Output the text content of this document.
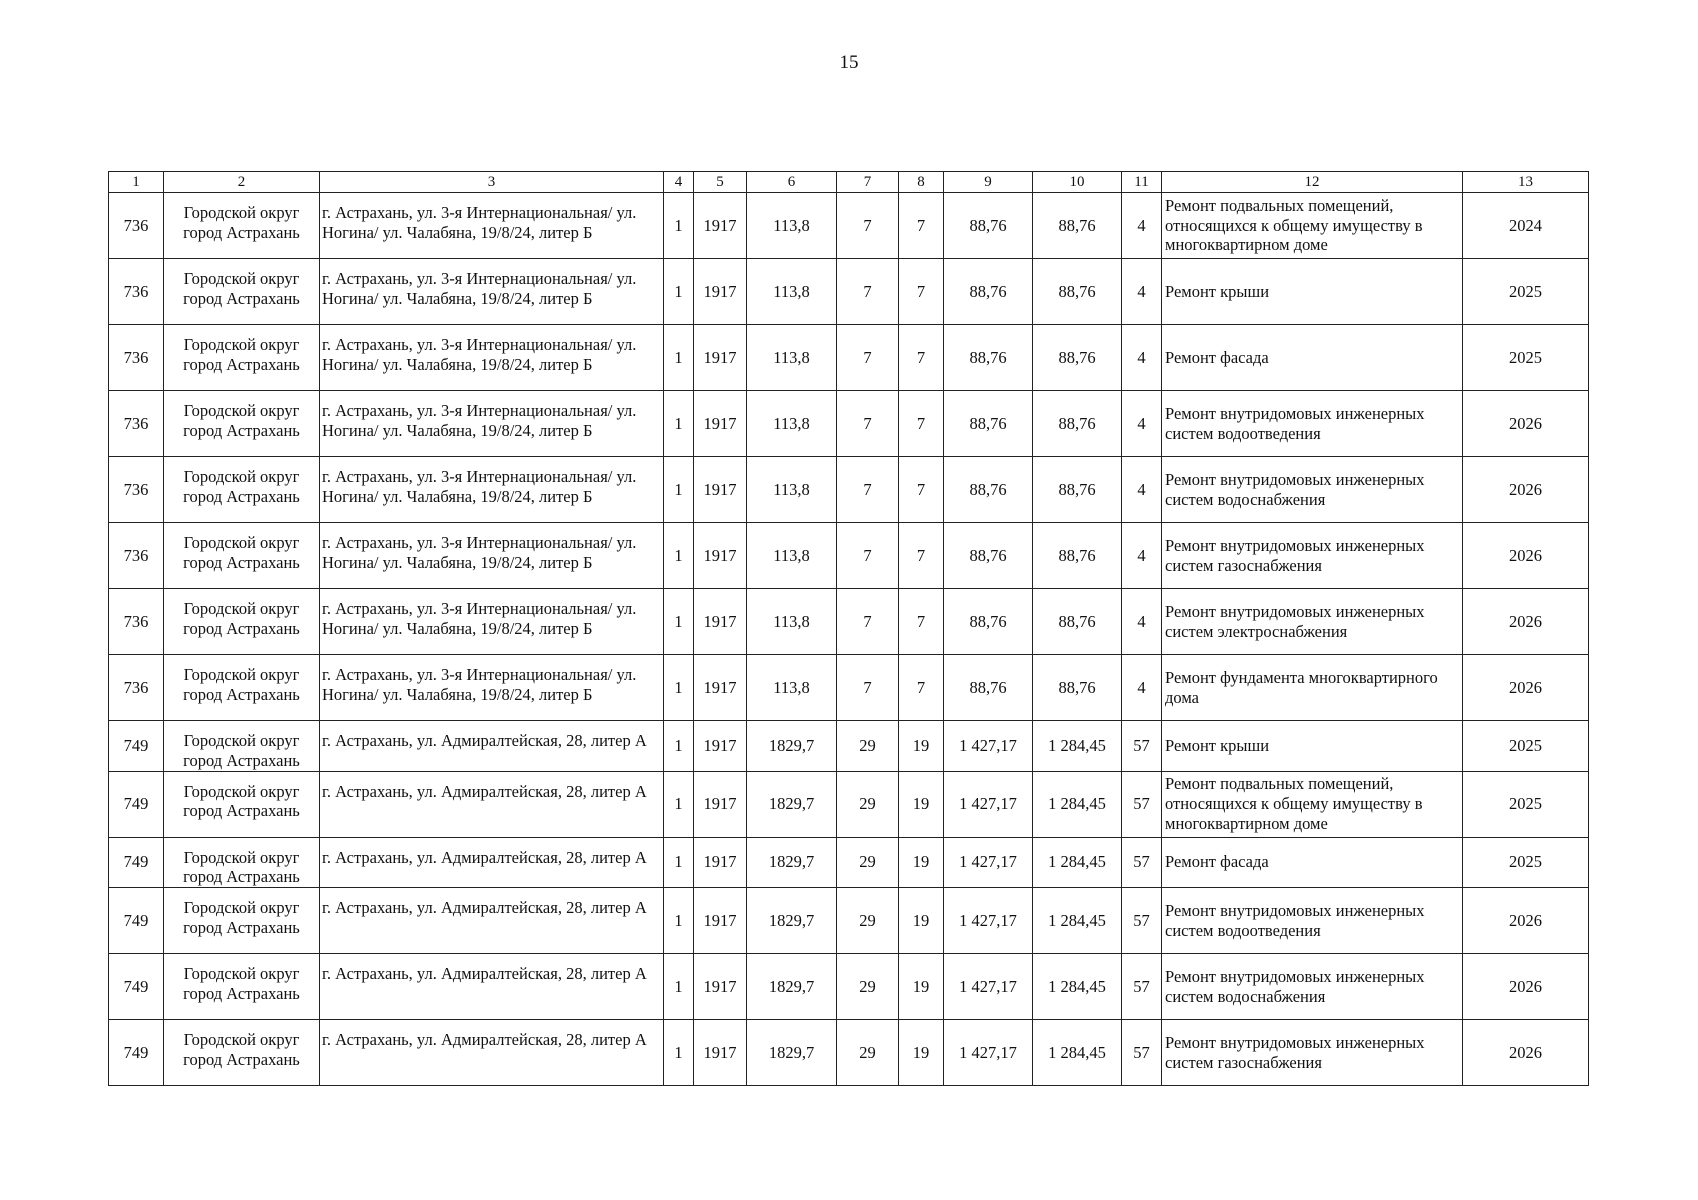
15
1	2	3	4	5	6	7	8	9	10	11	12	13
736	Городской округ город Астрахань	г. Астрахань, ул. 3-я Интернациональная/ ул. Ногина/ ул. Чалабяна, 19/8/24, литер Б	1	1917	113,8	7	7	88,76	88,76	4	Ремонт подвальных помещений, относящихся к общему имуществу в многоквартирном доме	2024
736	Городской округ город Астрахань	г. Астрахань, ул. 3-я Интернациональная/ ул. Ногина/ ул. Чалабяна, 19/8/24, литер Б	1	1917	113,8	7	7	88,76	88,76	4	Ремонт крыши	2025
736	Городской округ город Астрахань	г. Астрахань, ул. 3-я Интернациональная/ ул. Ногина/ ул. Чалабяна, 19/8/24, литер Б	1	1917	113,8	7	7	88,76	88,76	4	Ремонт фасада	2025
736	Городской округ город Астрахань	г. Астрахань, ул. 3-я Интернациональная/ ул. Ногина/ ул. Чалабяна, 19/8/24, литер Б	1	1917	113,8	7	7	88,76	88,76	4	Ремонт внутридомовых инженерных систем водоотведения	2026
736	Городской округ город Астрахань	г. Астрахань, ул. 3-я Интернациональная/ ул. Ногина/ ул. Чалабяна, 19/8/24, литер Б	1	1917	113,8	7	7	88,76	88,76	4	Ремонт внутридомовых инженерных систем водоснабжения	2026
736	Городской округ город Астрахань	г. Астрахань, ул. 3-я Интернациональная/ ул. Ногина/ ул. Чалабяна, 19/8/24, литер Б	1	1917	113,8	7	7	88,76	88,76	4	Ремонт внутридомовых инженерных систем газоснабжения	2026
736	Городской округ город Астрахань	г. Астрахань, ул. 3-я Интернациональная/ ул. Ногина/ ул. Чалабяна, 19/8/24, литер Б	1	1917	113,8	7	7	88,76	88,76	4	Ремонт внутридомовых инженерных систем электроснабжения	2026
736	Городской округ город Астрахань	г. Астрахань, ул. 3-я Интернациональная/ ул. Ногина/ ул. Чалабяна, 19/8/24, литер Б	1	1917	113,8	7	7	88,76	88,76	4	Ремонт фундамента многоквартирного дома	2026
749	Городской округ город Астрахань	г. Астрахань, ул. Адмиралтейская, 28, литер А	1	1917	1829,7	29	19	1 427,17	1 284,45	57	Ремонт крыши	2025
749	Городской округ город Астрахань	г. Астрахань, ул. Адмиралтейская, 28, литер А	1	1917	1829,7	29	19	1 427,17	1 284,45	57	Ремонт подвальных помещений, относящихся к общему имуществу в многоквартирном доме	2025
749	Городской округ город Астрахань	г. Астрахань, ул. Адмиралтейская, 28, литер А	1	1917	1829,7	29	19	1 427,17	1 284,45	57	Ремонт фасада	2025
749	Городской округ город Астрахань	г. Астрахань, ул. Адмиралтейская, 28, литер А	1	1917	1829,7	29	19	1 427,17	1 284,45	57	Ремонт внутридомовых инженерных систем водоотведения	2026
749	Городской округ город Астрахань	г. Астрахань, ул. Адмиралтейская, 28, литер А	1	1917	1829,7	29	19	1 427,17	1 284,45	57	Ремонт внутридомовых инженерных систем водоснабжения	2026
749	Городской округ город Астрахань	г. Астрахань, ул. Адмиралтейская, 28, литер А	1	1917	1829,7	29	19	1 427,17	1 284,45	57	Ремонт внутридомовых инженерных систем газоснабжения	2026
